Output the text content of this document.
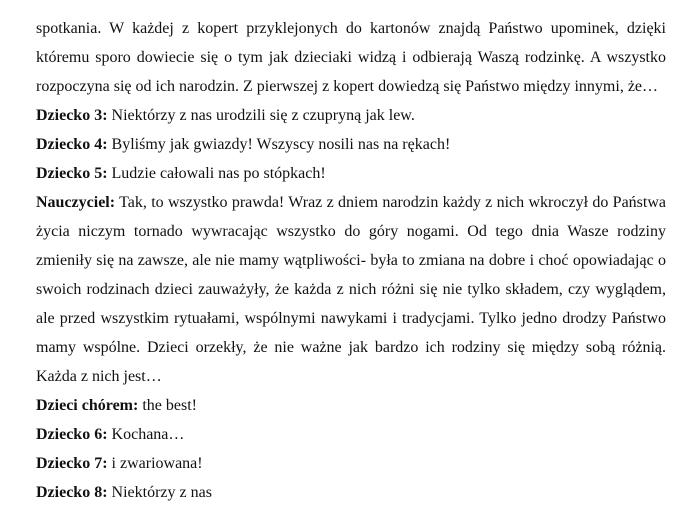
spotkania. W każdej z kopert przyklejonych do kartonów znajdą Państwo upominek, dzięki któremu sporo dowiecie się o tym jak dzieciaki widzą i odbierają Waszą rodzinkę. A wszystko rozpoczyna się od ich narodzin. Z pierwszej z kopert dowiedzą się Państwo między innymi, że…

Dziecko 3: Niektórzy z nas urodzili się z czupryną jak lew.

Dziecko 4: Byliśmy jak gwiazdy! Wszyscy nosili nas na rękach!

Dziecko 5: Ludzie całowali nas po stópkach!

Nauczyciel: Tak, to wszystko prawda! Wraz z dniem narodzin każdy z nich wkroczył do Państwa życia niczym tornado wywracając wszystko do góry nogami. Od tego dnia Wasze rodziny zmieniły się na zawsze, ale nie mamy wątpliwości- była to zmiana na dobre i choć opowiadając o swoich rodzinach dzieci zauważyły, że każda z nich różni się nie tylko składem, czy wyglądem, ale przed wszystkim rytuałami, wspólnymi nawykami i tradycjami. Tylko jedno drodzy Państwo mamy wspólne. Dzieci orzekły, że nie ważne jak bardzo ich rodziny się między sobą różnią. Każda z nich jest…

Dzieci chórem: the best!

Dziecko 6: Kochana…

Dziecko 7: i zwariowana!

Dziecko 8: Niektórzy z nas
